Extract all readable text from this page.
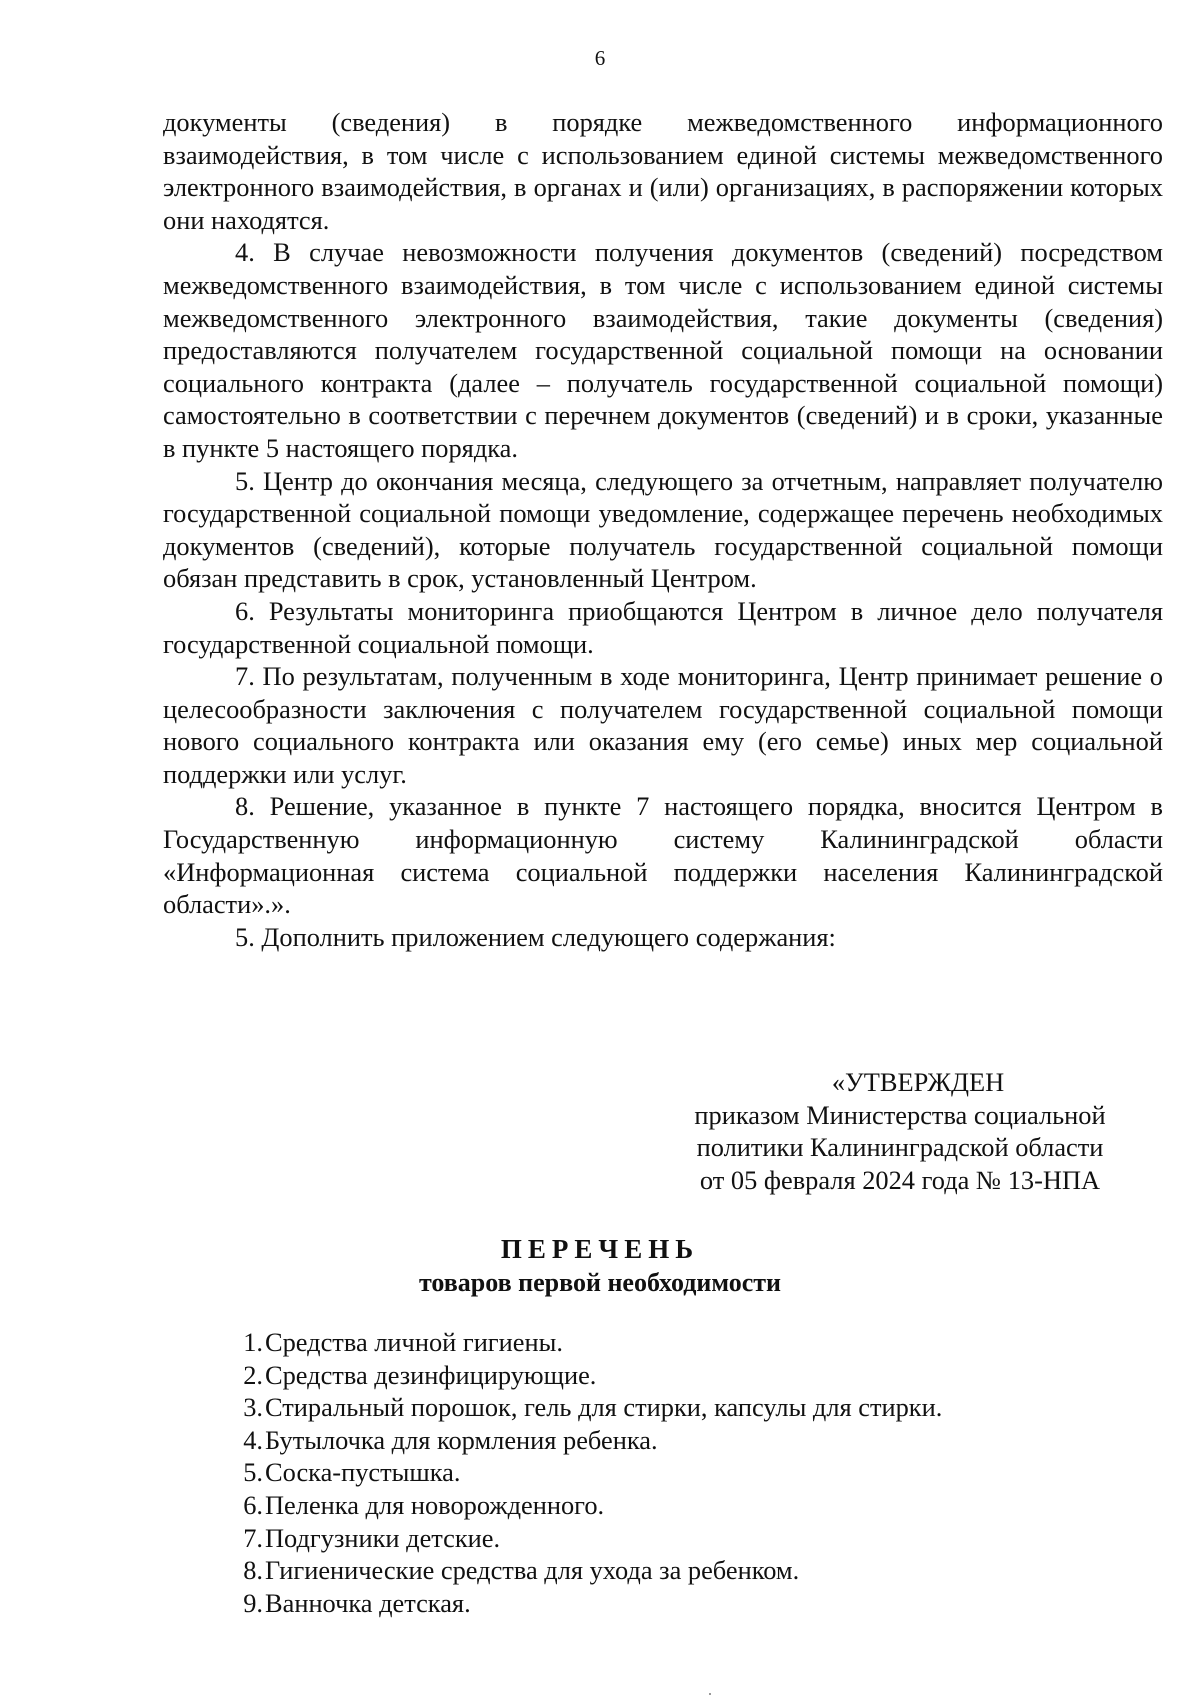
6

документы (сведения) в порядке межведомственного информационного взаимодействия, в том числе с использованием единой системы межведомственного электронного взаимодействия, в органах и (или) организациях, в распоряжении которых они находятся.

4. В случае невозможности получения документов (сведений) посредством межведомственного взаимодействия, в том числе с использованием единой системы межведомственного электронного взаимодействия, такие документы (сведения) предоставляются получателем государственной социальной помощи на основании социального контракта (далее – получатель государственной социальной помощи) самостоятельно в соответствии с перечнем документов (сведений) и в сроки, указанные в пункте 5 настоящего порядка.

5. Центр до окончания месяца, следующего за отчетным, направляет получателю государственной социальной помощи уведомление, содержащее перечень необходимых документов (сведений), которые получатель государственной социальной помощи обязан представить в срок, установленный Центром.

6. Результаты мониторинга приобщаются Центром в личное дело получателя государственной социальной помощи.

7. По результатам, полученным в ходе мониторинга, Центр принимает решение о целесообразности заключения с получателем государственной социальной помощи нового социального контракта или оказания ему (его семье) иных мер социальной поддержки или услуг.

8. Решение, указанное в пункте 7 настоящего порядка, вносится Центром в Государственную информационную систему Калининградской области «Информационная система социальной поддержки населения Калининградской области».».

5. Дополнить приложением следующего содержания:

«УТВЕРЖДЕН
приказом Министерства социальной
политики Калининградской области
от 05 февраля 2024 года № 13-НПА
ПЕРЕЧЕНЬ
товаров первой необходимости
1. Средства личной гигиены.
2. Средства дезинфицирующие.
3. Стиральный порошок, гель для стирки, капсулы для стирки.
4. Бутылочка для кормления ребенка.
5. Соска-пустышка.
6. Пеленка для новорожденного.
7. Подгузники детские.
8. Гигиенические средства для ухода за ребенком.
9. Ванночка детская.
